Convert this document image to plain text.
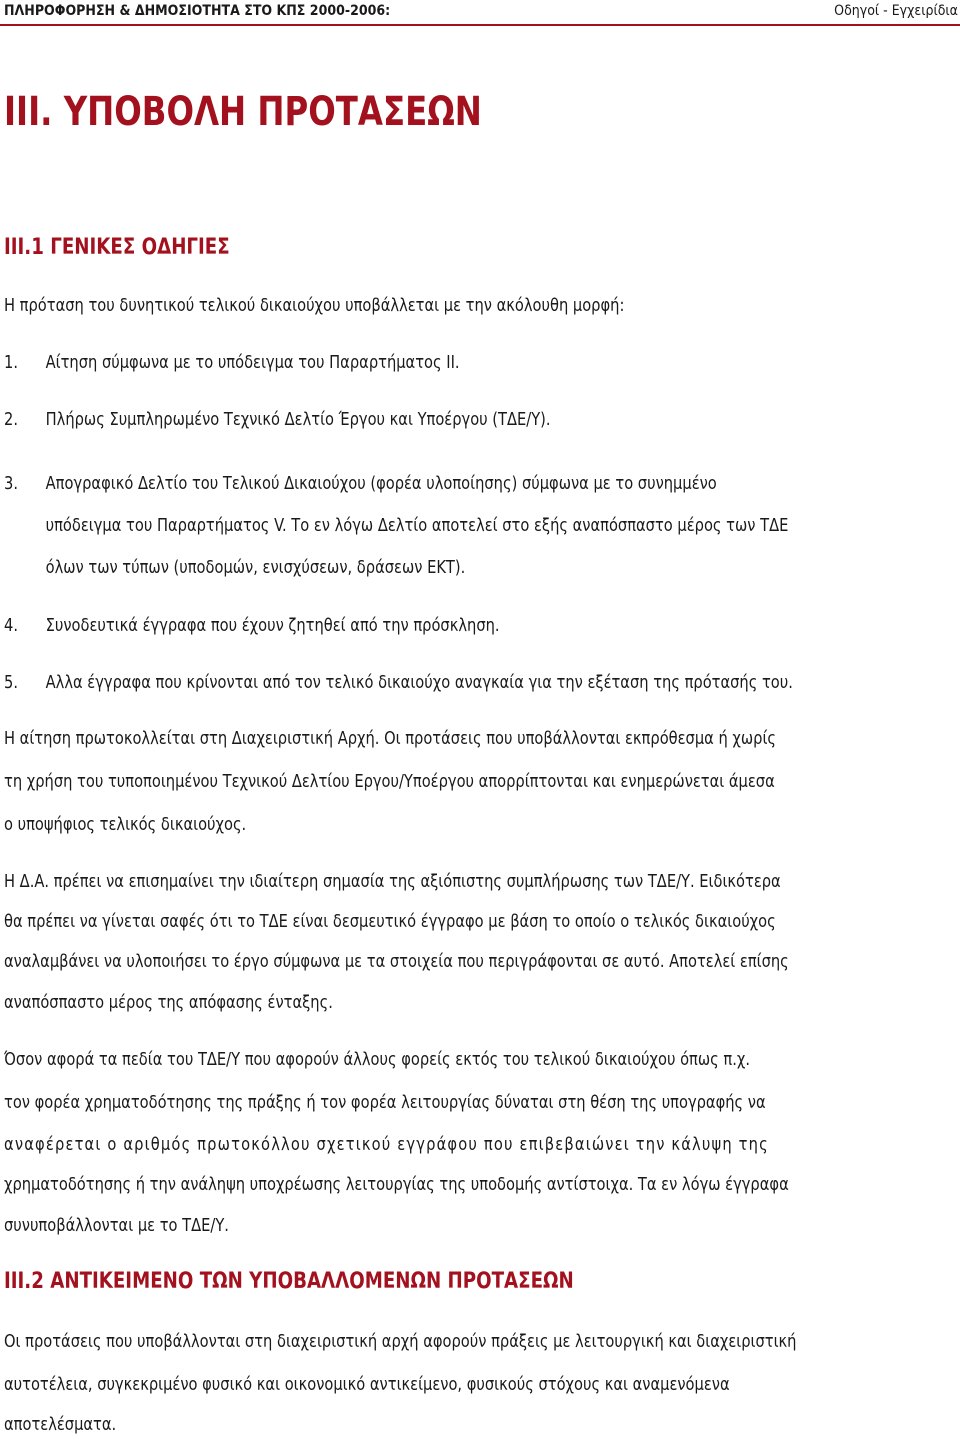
ΠΛΗΡΟΦΟΡΗΣΗ & ΔΗΜΟΣΙΟΤΗΤΑ ΣΤΟ ΚΠΣ 2000-2006:	Οδηγοί - Εγχειρίδια
III. ΥΠΟΒΟΛΗ ΠΡΟΤΑΣΕΩΝ
III.1 ΓΕΝΙΚΕΣ ΟΔΗΓΙΕΣ
Η πρόταση του δυνητικού τελικού δικαιούχου υποβάλλεται με την ακόλουθη μορφή:
1. Αίτηση σύμφωνα με το υπόδειγμα του Παραρτήματος ΙΙ.
2. Πλήρως Συμπληρωμένο Τεχνικό Δελτίο Έργου και Υποέργου (ΤΔΕ/Υ).
3. Απογραφικό Δελτίο του Τελικού Δικαιούχου (φορέα υλοποίησης) σύμφωνα με το συνημμένο
υπόδειγμα του Παραρτήματος V. Το εν λόγω Δελτίο αποτελεί στο εξής αναπόσπαστο μέρος των ΤΔΕ
όλων των τύπων (υποδομών, ενισχύσεων, δράσεων ΕΚΤ).
4. Συνοδευτικά έγγραφα που έχουν ζητηθεί από την πρόσκληση.
5. Αλλα έγγραφα που κρίνονται από τον τελικό δικαιούχο αναγκαία για την εξέταση της πρότασής του.
Η αίτηση πρωτοκολλείται στη Διαχειριστική Αρχή. Οι προτάσεις που υποβάλλονται εκπρόθεσμα ή χωρίς
τη χρήση του τυποποιημένου Τεχνικού Δελτίου Εργου/Υποέργου απορρίπτονται και ενημερώνεται άμεσα
ο υποψήφιος τελικός δικαιούχος.
Η Δ.Α. πρέπει να επισημαίνει την ιδιαίτερη σημασία της αξιόπιστης συμπλήρωσης των ΤΔΕ/Υ. Ειδικότερα
θα πρέπει να γίνεται σαφές ότι το ΤΔΕ είναι δεσμευτικό έγγραφο με βάση το οποίο ο τελικός δικαιούχος
αναλαμβάνει να υλοποιήσει το έργο σύμφωνα με τα στοιχεία που περιγράφονται σε αυτό. Αποτελεί επίσης
αναπόσπαστο μέρος της απόφασης ένταξης.
Όσον αφορά τα πεδία του ΤΔΕ/Υ που αφορούν άλλους φορείς εκτός του τελικού δικαιούχου όπως π.χ.
τον φορέα χρηματοδότησης της πράξης ή τον φορέα λειτουργίας δύναται στη θέση της υπογραφής να
αναφέρεται ο αριθμός πρωτοκόλλου σχετικού εγγράφου που επιβεβαιώνει την κάλυψη της
χρηματοδότησης ή την ανάληψη υποχρέωσης λειτουργίας της υποδομής αντίστοιχα. Τα εν λόγω έγγραφα
συνυποβάλλονται με το ΤΔΕ/Υ.
III.2 ΑΝΤΙΚΕΙΜΕΝΟ ΤΩΝ ΥΠΟΒΑΛΛΟΜΕΝΩΝ ΠΡΟΤΑΣΕΩΝ
Οι προτάσεις που υποβάλλονται στη διαχειριστική αρχή αφορούν πράξεις με λειτουργική και διαχειριστική
αυτοτέλεια, συγκεκριμένο φυσικό και οικονομικό αντικείμενο, φυσικούς στόχους και αναμενόμενα
αποτελέσματα.
